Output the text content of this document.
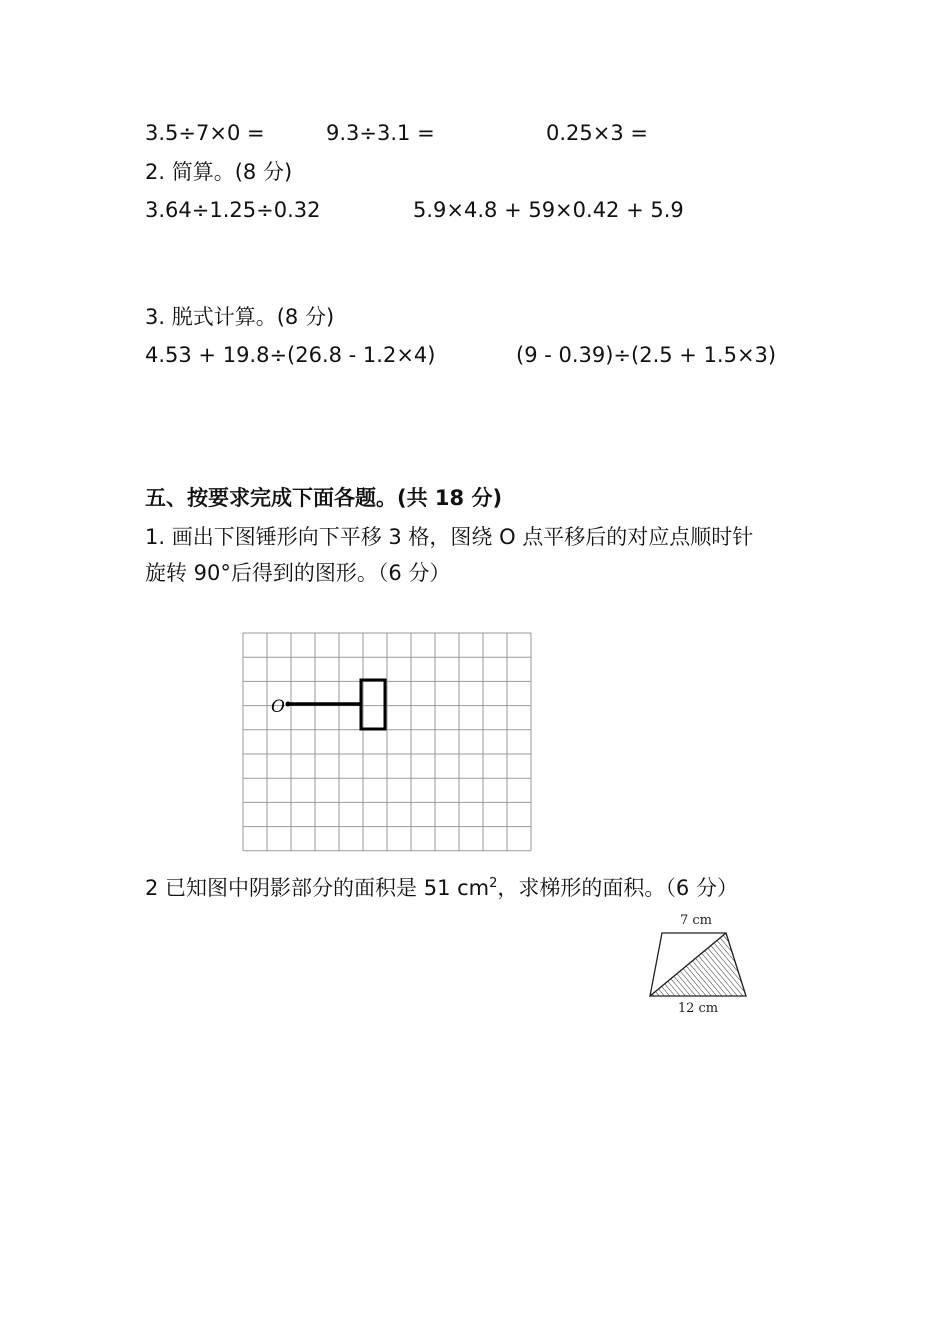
3.5÷7×0 =	9.3÷3.1 =	0.25×3 =
2. 简算。(8 分)
3.64÷1.25÷0.32	5.9×4.8 + 59×0.42 + 5.9
3. 脱式计算。(8 分)
4.53 + 19.8÷(26.8 - 1.2×4)	(9 - 0.39)÷(2.5 + 1.5×3)
五、按要求完成下面各题。(共 18 分)
1. 画出下图锤形向下平移 3 格，图绕 O 点平移后的对应点顺时针
旋转 90°后得到的图形。（6 分）
O
2 已知图中阴影部分的面积是 51 $cm^2$，求梯形的面积。（6 分）
7 cm
12 cm
